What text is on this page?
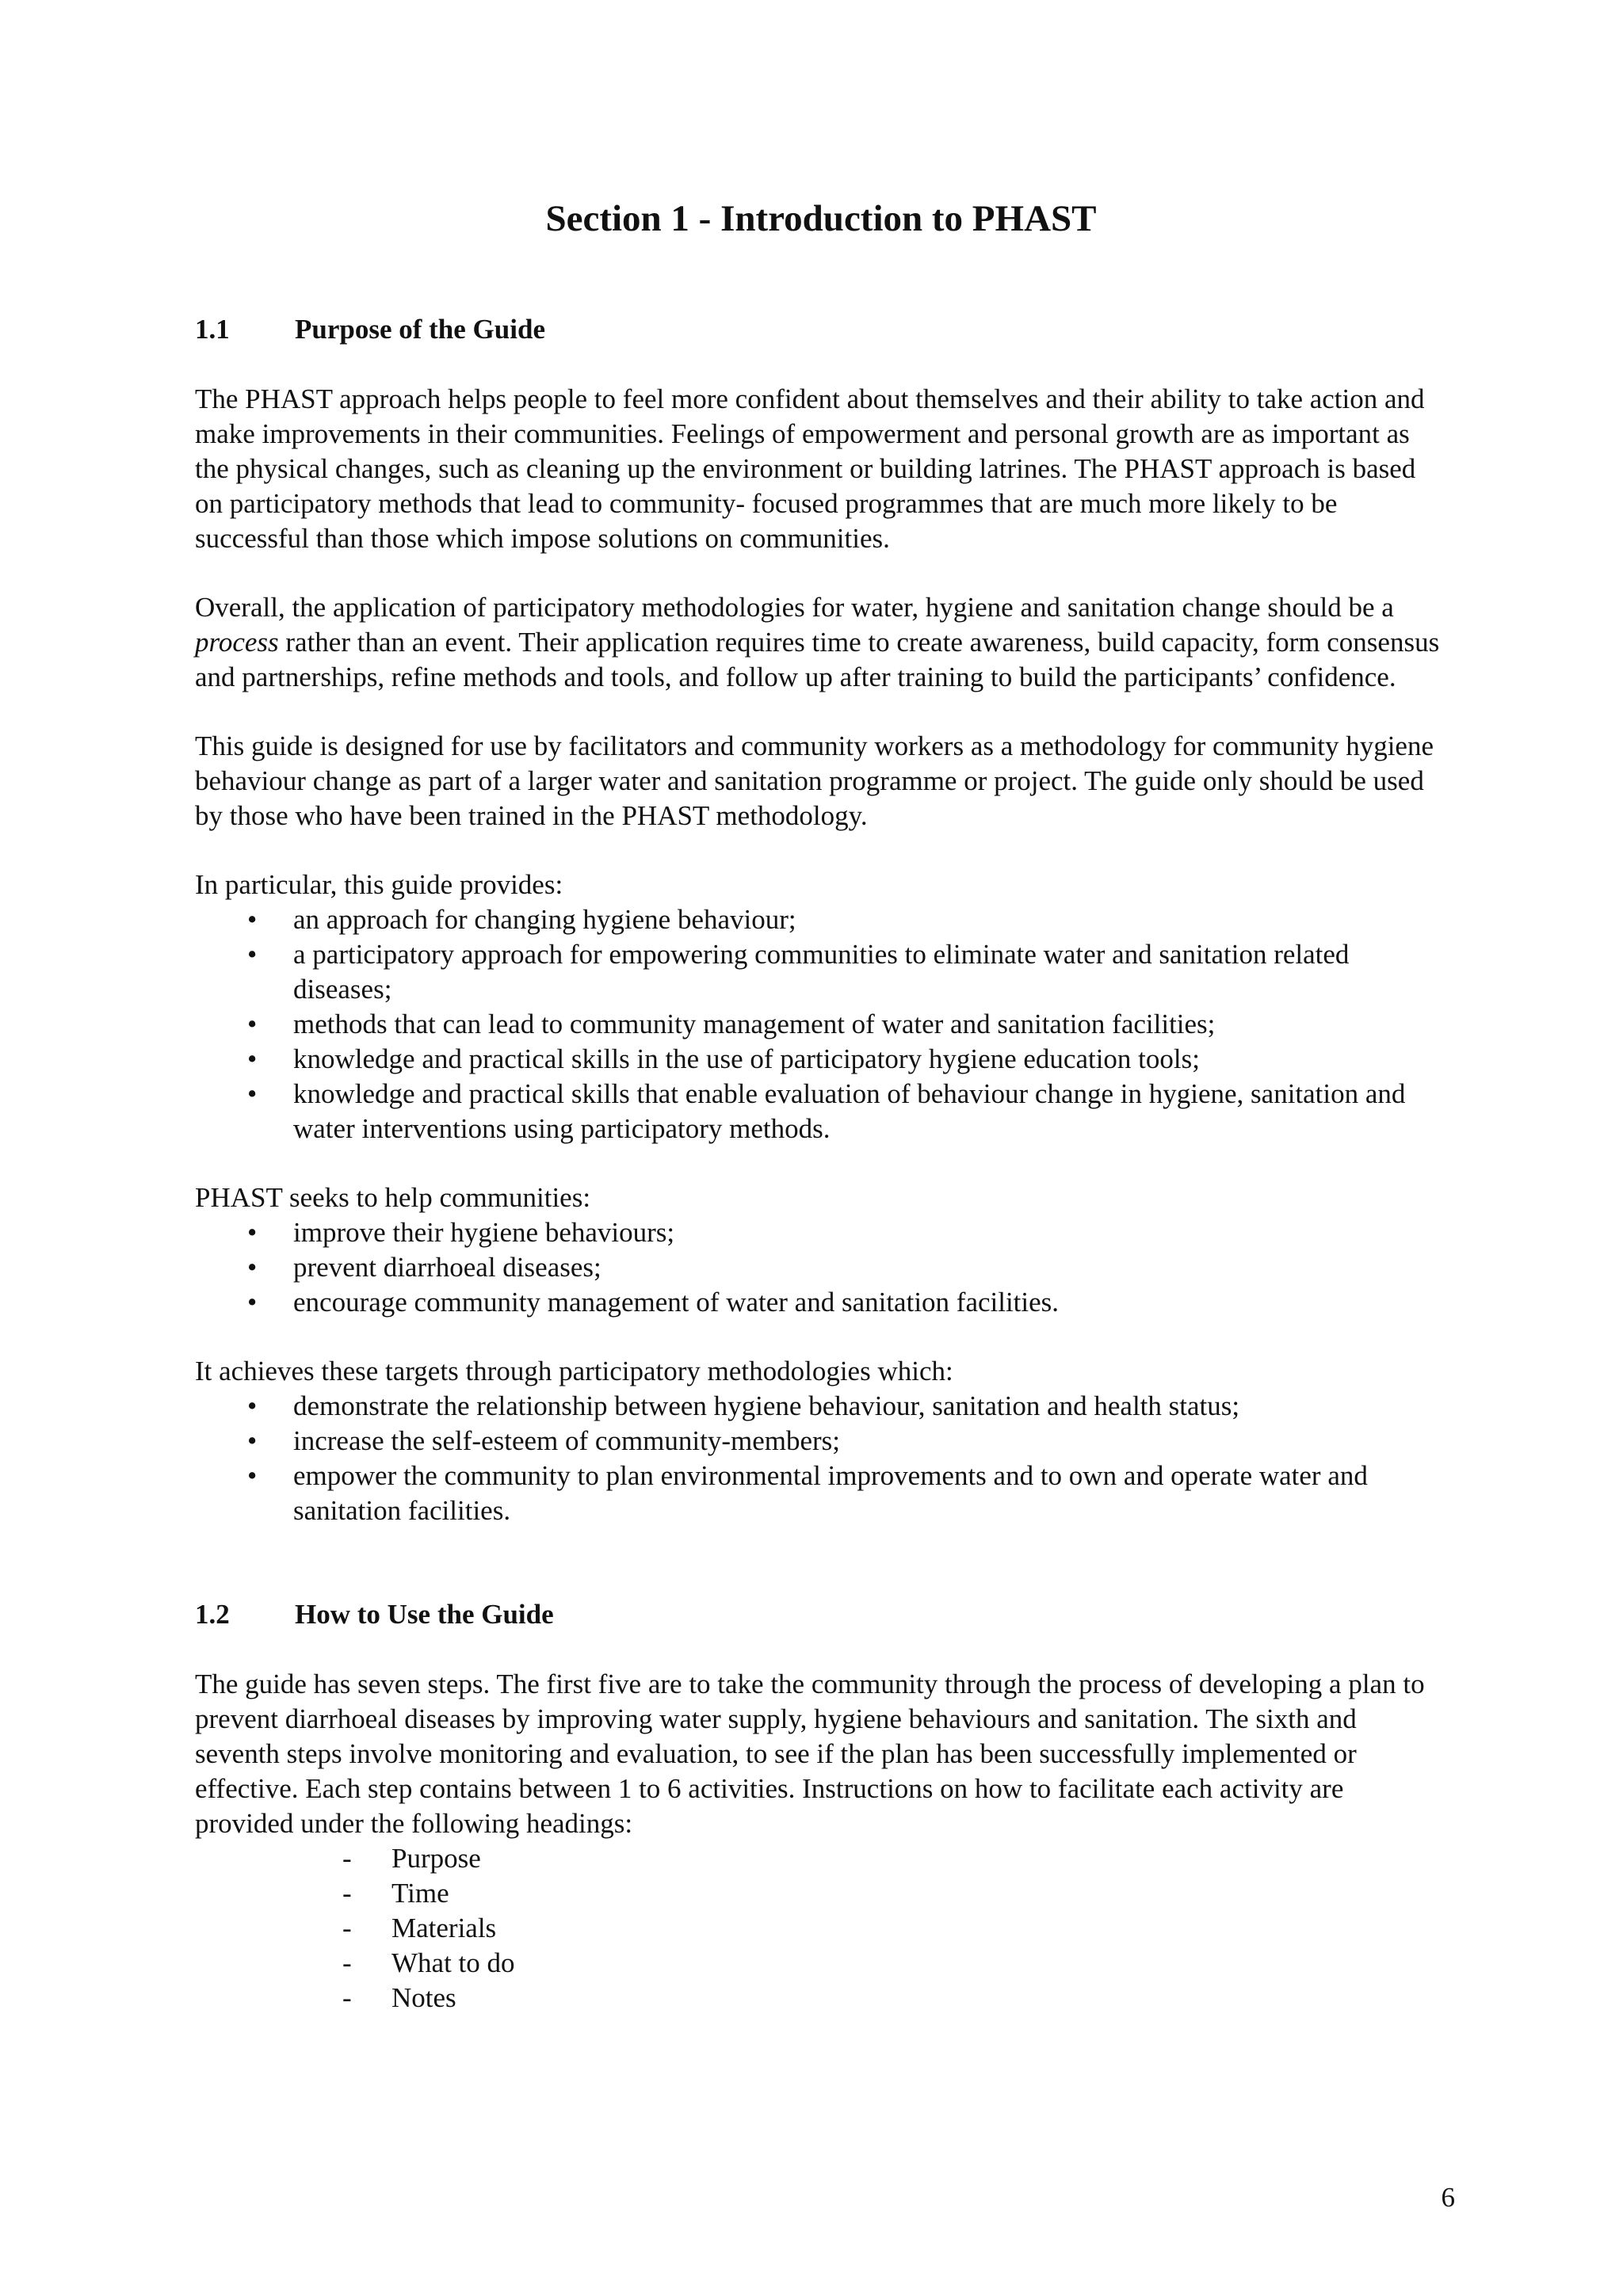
Section 1 - Introduction to PHAST
1.1	Purpose of the Guide

The PHAST approach helps people to feel more confident about themselves and their ability to take action and make improvements in their communities. Feelings of empowerment and personal growth are as important as the physical changes, such as cleaning up the environment or building latrines. The PHAST approach is based on participatory methods that lead to community- focused programmes that are much more likely to be successful than those which impose solutions on communities.

Overall, the application of participatory methodologies for water, hygiene and sanitation change should be a process rather than an event. Their application requires time to create awareness, build capacity, form consensus and partnerships, refine methods and tools, and follow up after training to build the participants’ confidence.

This guide is designed for use by facilitators and community workers as a methodology for community hygiene behaviour change as part of a larger water and sanitation programme or project. The guide only should be used by those who have been trained in the PHAST methodology.

In particular, this guide provides:

• an approach for changing hygiene behaviour;
• a participatory approach for empowering communities to eliminate water and sanitation related diseases;
• methods that can lead to community management of water and sanitation facilities;
• knowledge and practical skills in the use of participatory hygiene education tools;
• knowledge and practical skills that enable evaluation of behaviour change in hygiene, sanitation and water interventions using participatory methods.

PHAST seeks to help communities:

• improve their hygiene behaviours;
• prevent diarrhoeal diseases;
• encourage community management of water and sanitation facilities.

It achieves these targets through participatory methodologies which:

• demonstrate the relationship between hygiene behaviour, sanitation and health status;
• increase the self-esteem of community-members;
• empower the community to plan environmental improvements and to own and operate water and sanitation facilities.
1.2	How to Use the Guide

The guide has seven steps. The first five are to take the community through the process of developing a plan to prevent diarrhoeal diseases by improving water supply, hygiene behaviours and sanitation. The sixth and seventh steps involve monitoring and evaluation, to see if the plan has been successfully implemented or effective. Each step contains between 1 to 6 activities. Instructions on how to facilitate each activity are provided under the following headings:

- Purpose
- Time
- Materials
- What to do
- Notes
6
